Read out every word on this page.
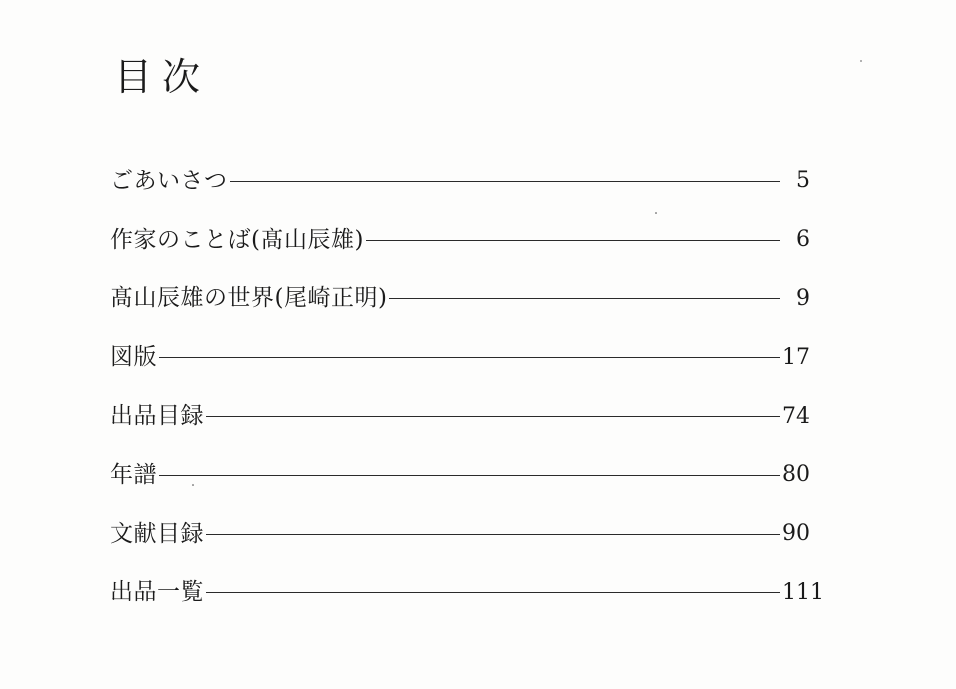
目次
ごあいさつ	5
作家のことば(髙山辰雄)	6
髙山辰雄の世界(尾崎正明)	9
図版	17
出品目録	74
年譜	80
文献目録	90
出品一覧	111
